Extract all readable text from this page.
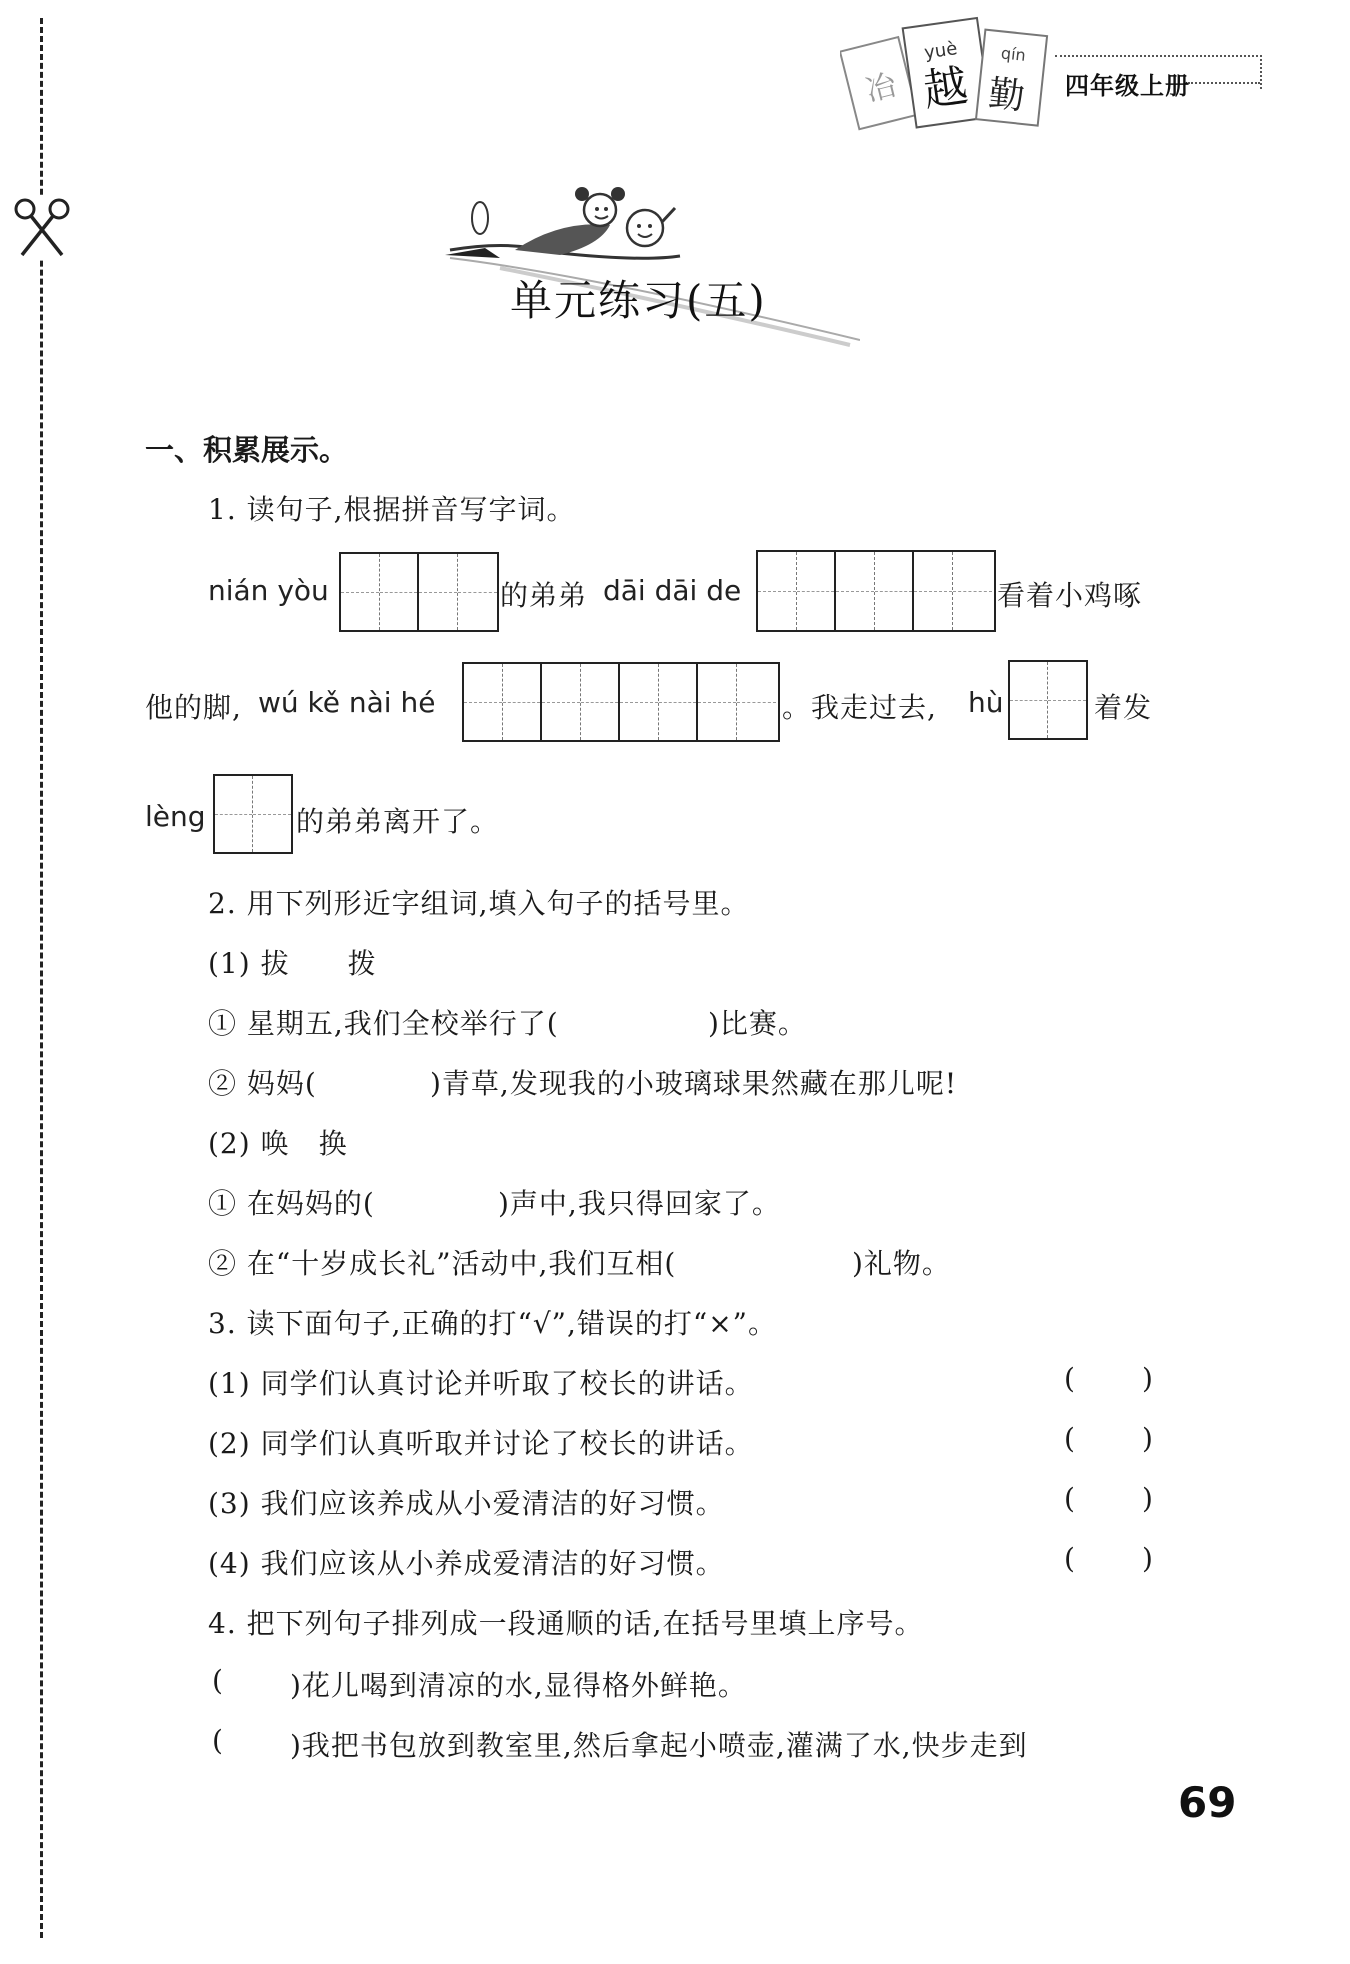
冶
yuè
越
qín
勤 四年级上册
单元练习(五)
一、积累展示。
1. 读句子,根据拼音写字词。
nián yòu	的弟弟 dāi dāi de	看着小鸡啄
他的脚, wú kě nài hé	。我走过去, hù	着发
lèng	的弟弟离开了。
2. 用下列形近字组词,填入句子的括号里。
(1) 拔　　拨
① 星期五,我们全校举行了(	)比赛。
② 妈妈(	)青草,发现我的小玻璃球果然藏在那儿呢!
(2) 唤　换
① 在妈妈的(	)声中,我只得回家了。
② 在“十岁成长礼”活动中,我们互相(	)礼物。
3. 读下面句子,正确的打“√”,错误的打“×”。
(1) 同学们认真讨论并听取了校长的讲话。	( )
(2) 同学们认真听取并讨论了校长的讲话。	( )
(3) 我们应该养成从小爱清洁的好习惯。	( )
(4) 我们应该从小养成爱清洁的好习惯。	( )
4. 把下列句子排列成一段通顺的话,在括号里填上序号。
( )花儿喝到清凉的水,显得格外鲜艳。
( )我把书包放到教室里,然后拿起小喷壶,灌满了水,快步走到
69
